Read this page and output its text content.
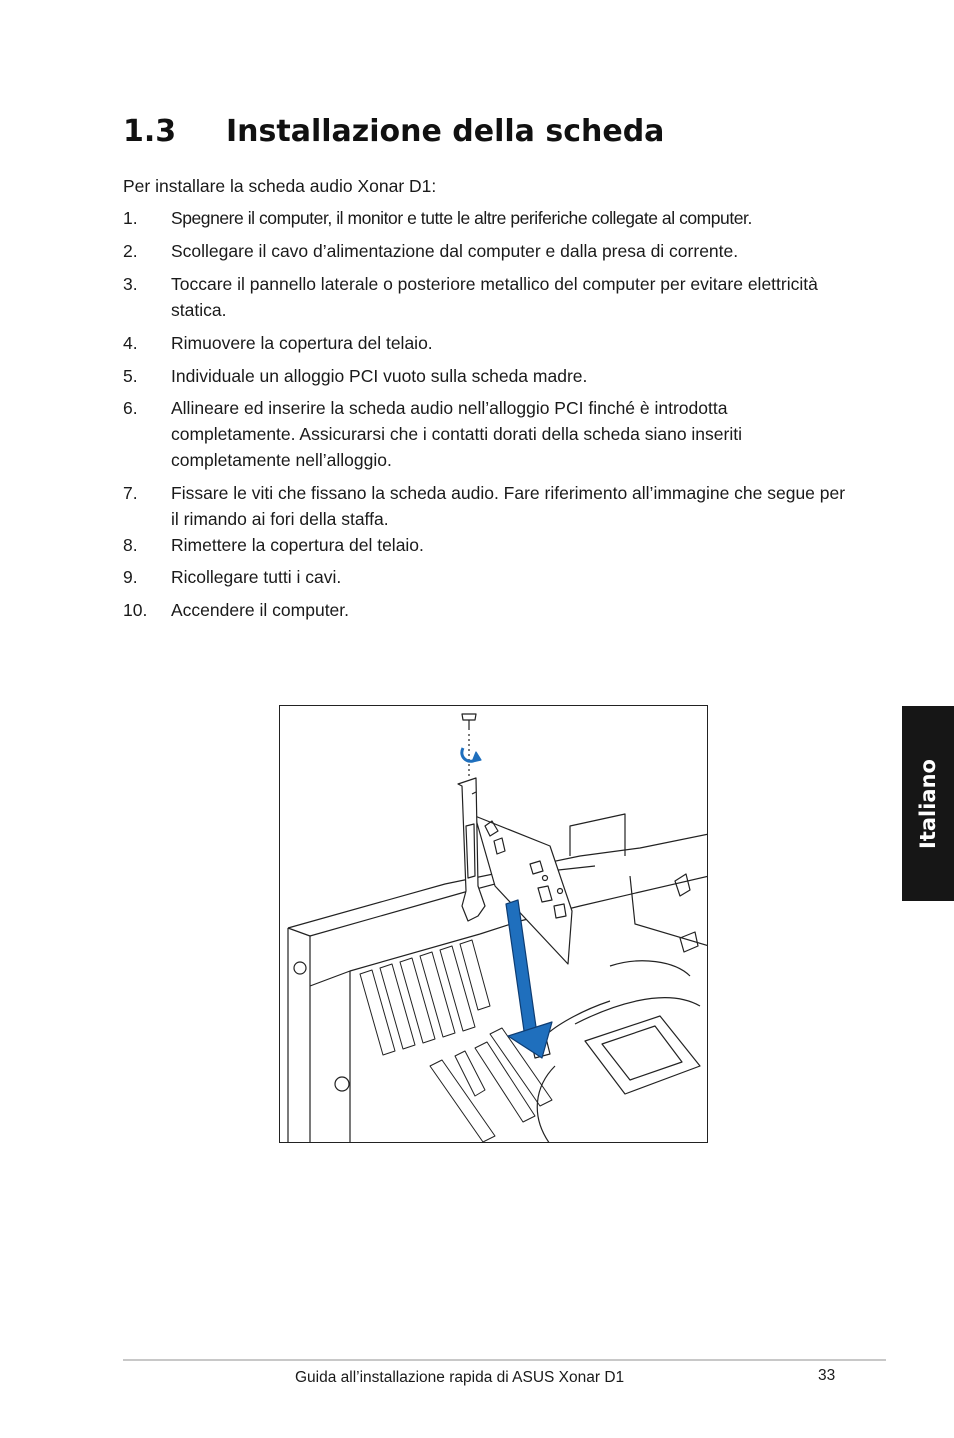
1.3 Installazione della scheda
Per installare la scheda audio Xonar D1:
1. Spegnere il computer, il monitor e tutte le altre periferiche collegate al computer.
2. Scollegare il cavo d’alimentazione dal computer e dalla presa di corrente.
3. Toccare il pannello laterale o posteriore metallico del computer per evitare elettricità statica.
4. Rimuovere la copertura del telaio.
5. Individuale un alloggio PCI vuoto sulla scheda madre.
6. Allineare ed inserire la scheda audio nell’alloggio PCI finché è introdotta completamente. Assicurarsi che i contatti dorati della scheda siano inseriti completamente nell’alloggio.
7. Fissare le viti che fissano la scheda audio. Fare riferimento all’immagine che segue per il rimando ai fori della staffa.
8. Rimettere la copertura del telaio.
9. Ricollegare tutti i cavi.
10. Accendere il computer.
Italiano
Guida all’installazione rapida di ASUS Xonar D1	33
